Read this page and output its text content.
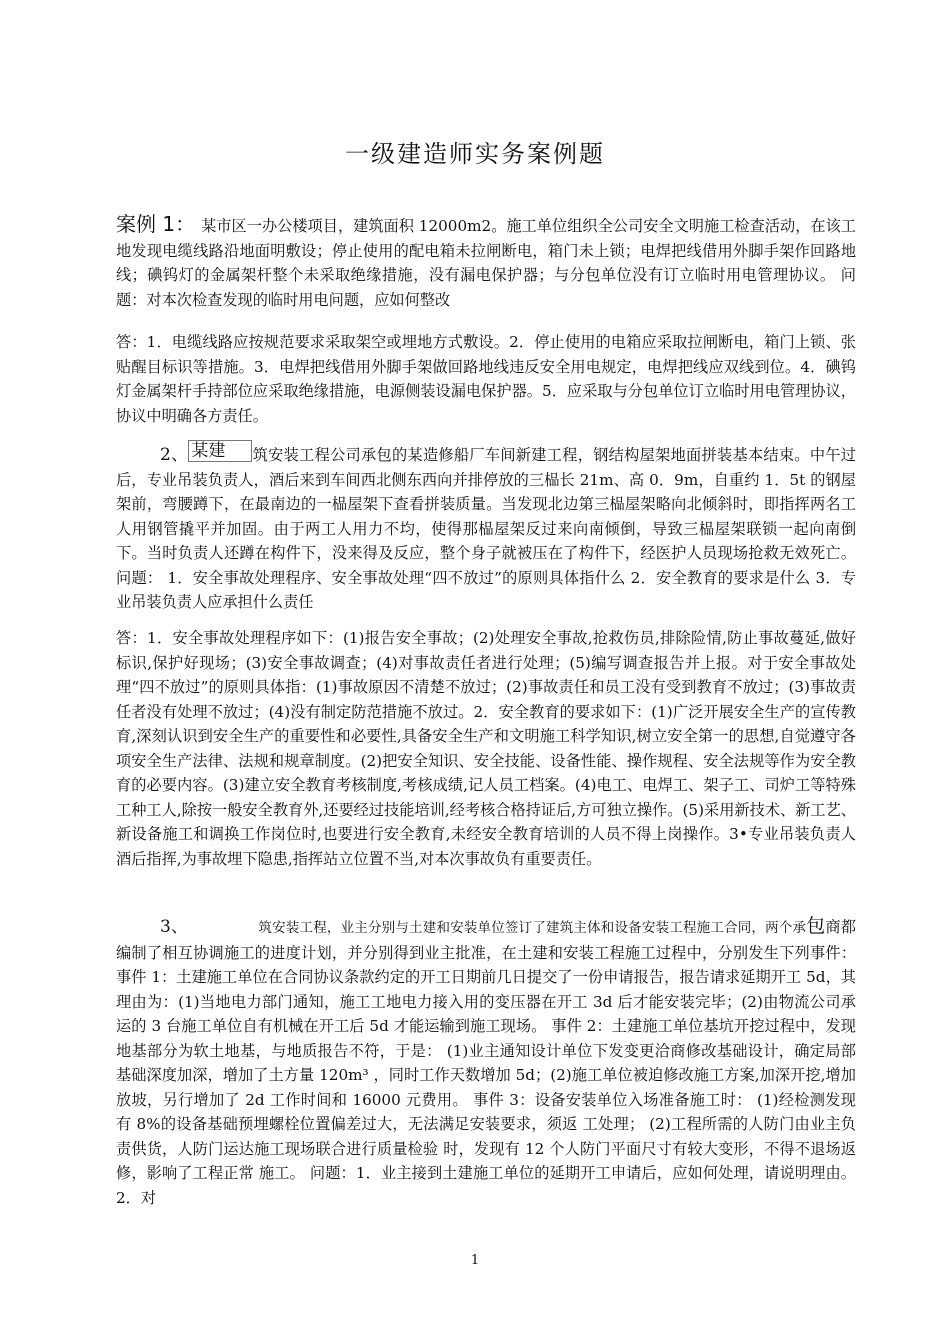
一级建造师实务案例题

案例 1： 某市区一办公楼项目，建筑面积 12000m2。施工单位组织全公司安全文明施工检查活动，在该工地发现电缆线路沿地面明敷设；停止使用的配电箱未拉闸断电，箱门未上锁；电焊把线借用外脚手架作回路地线；碘钨灯的金属架杆整个未采取绝缘措施，没有漏电保护器；与分包单位没有订立临时用电管理协议。 问题：对本次检查发现的临时用电问题，应如何整改

答：1．电缆线路应按规范要求采取架空或埋地方式敷设。2．停止使用的电箱应采取拉闸断电，箱门上锁、张贴醒目标识等措施。3．电焊把线借用外脚手架做回路地线违反安全用电规定，电焊把线应双线到位。4．碘钨灯金属架杆手持部位应采取绝缘措施，电源侧装设漏电保护器。5．应采取与分包单位订立临时用电管理协议，协议中明确各方责任。

2、 某建 筑安装工程公司承包的某造修船厂车间新建工程，钢结构屋架地面拼装基本结束。中午过后，专业吊装负责人，酒后来到车间西北侧东西向并排停放的三榀长 21m、高 0．9m，自重约 1．5t 的钢屋架前，弯腰蹲下，在最南边的一榀屋架下查看拼装质量。当发现北边第三榀屋架略向北倾斜时，即指挥两名工人用钢管撬平并加固。由于两工人用力不均，使得那榀屋架反过来向南倾倒，导致三榀屋架联锁一起向南倒下。当时负责人还蹲在构件下，没来得及反应，整个身子就被压在了构件下，经医护人员现场抢救无效死亡。 问题： 1．安全事故处理程序、安全事故处理“四不放过”的原则具体指什么 2．安全教育的要求是什么 3．专业吊装负责人应承担什么责任

答：1．安全事故处理程序如下：(1)报告安全事故；(2)处理安全事故,抢救伤员,排除险情,防止事故蔓延,做好标识,保护好现场；(3)安全事故调查；(4)对事故责任者进行处理；(5)编写调查报告并上报。对于安全事故处理“四不放过”的原则具体指：(1)事故原因不清楚不放过；(2)事故责任和员工没有受到教育不放过；(3)事故责任者没有处理不放过；(4)没有制定防范措施不放过。2．安全教育的要求如下：(1)广泛开展安全生产的宣传教育,深刻认识到安全生产的重要性和必要性,具备安全生产和文明施工科学知识,树立安全第一的思想,自觉遵守各项安全生产法律、法规和规章制度。(2)把安全知识、安全技能、设备性能、操作规程、安全法规等作为安全教育的必要内容。(3)建立安全教育考核制度,考核成绩,记人员工档案。(4)电工、电焊工、架子工、司炉工等特殊工种工人,除按一般安全教育外,还要经过技能培训,经考核合格持证后,方可独立操作。(5)采用新技术、新工艺、新设备施工和调换工作岗位时,也要进行安全教育,未经安全教育培训的人员不得上岗操作。3•专业吊装负责人酒后指挥,为事故埋下隐患,指挥站立位置不当,对本次事故负有重要责任。

3、	筑安装工程，业主分别与土建和安装单位签订了建筑主体和设备安装工程施工合同，两个承包商都编制了相互协调施工的进度计划，并分别得到业主批准，在土建和安装工程施工过程中，分别发生下列事件： 事件 1：土建施工单位在合同协议条款约定的开工日期前几日提交了一份申请报告，报告请求延期开工 5d，其理由为：(1)当地电力部门通知，施工工地电力接入用的变压器在开工 3d 后才能安装完毕；(2)由物流公司承运的 3 台施工单位自有机械在开工后 5d 才能运输到施工现场。 事件 2：土建施工单位基坑开挖过程中，发现地基部分为软土地基，与地质报告不符，于是： (1)业主通知设计单位下发变更洽商修改基础设计，确定局部基础深度加深，增加了土方量 120m³ ，同时工作天数增加 5d；(2)施工单位被迫修改施工方案,加深开挖,增加放坡，另行增加了 2d 工作时间和 16000 元费用。 事件 3：设备安装单位入场准备施工时： (1)经检测发现有 8%的设备基础预埋螺栓位置偏差过大，无法满足安装要求，须返 工处理； (2)工程所需的人防门由业主负责供货，人防门运达施工现场联合进行质量检验 时，发现有 12 个人防门平面尺寸有较大变形，不得不退场返修，影响了工程正常 施工。 问题：1．业主接到土建施工单位的延期开工申请后，应如何处理，请说明理由。2．对

1
